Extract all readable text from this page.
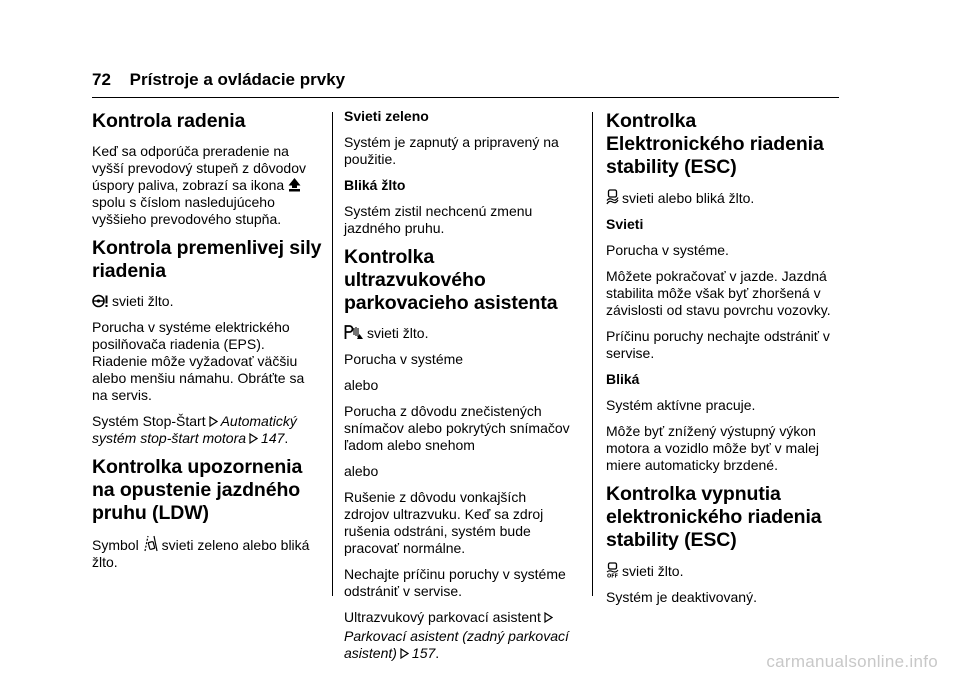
72 Prístroje a ovládacie prvky
Kontrola radenia

Keď sa odporúča preradenie na vyšší prevodový stupeň z dôvodov úspory paliva, zobrazí sa ikona  spolu s číslom nasledujúceho vyššieho prevodového stupňa.

Kontrola premenlivej sily riadenia

svieti žlto.

Porucha v systéme elektrického posilňovača riadenia (EPS). Riadenie môže vyžadovať väčšiu alebo menšiu námahu. Obráťte sa na servis.

Systém Stop-Štart Automatický systém stop-štart motora 147.

Kontrolka upozornenia na opustenie jazdného pruhu (LDW)

Symbol svieti zeleno alebo bliká žlto.

Svieti zeleno

Systém je zapnutý a pripravený na použitie.

Bliká žlto

Systém zistil nechcenú zmenu jazdného pruhu.

Kontrolka ultrazvukového parkovacieho asistenta

svieti žlto.

Porucha v systéme

alebo

Porucha z dôvodu znečistených snímačov alebo pokrytých snímačov ľadom alebo snehom

alebo

Rušenie z dôvodu vonkajších zdrojov ultrazvuku. Keď sa zdroj rušenia odstráni, systém bude pracovať normálne.

Nechajte príčinu poruchy v systéme odstrániť v servise.

Ultrazvukový parkovací asistent

Parkovací asistent (zadný parkovací asistent) 157.

Kontrolka Elektronického riadenia stability (ESC)

svieti alebo bliká žlto.

Svieti

Porucha v systéme.

Môžete pokračovať v jazde. Jazdná stabilita môže však byť zhoršená v závislosti od stavu povrchu vozovky.

Príčinu poruchy nechajte odstrániť v servise.

Bliká

Systém aktívne pracuje.

Môže byť znížený výstupný výkon motora a vozidlo môže byť v malej miere automaticky brzdené.

Kontrolka vypnutia elektronického riadenia stability (ESC)

OFF svieti žlto.

Systém je deaktivovaný.

carmanualsonline.info
